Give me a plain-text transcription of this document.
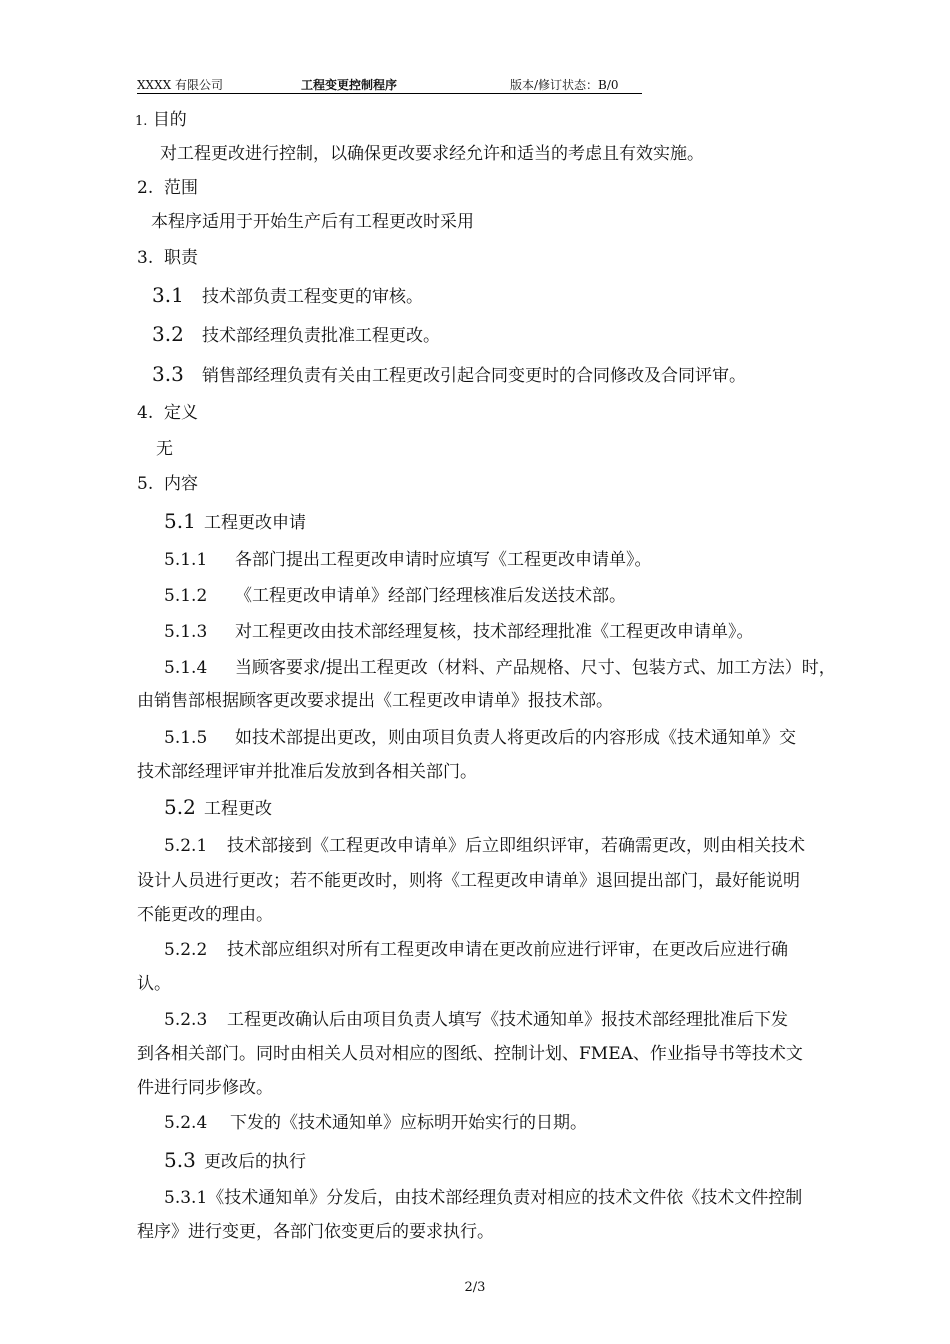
XXXX 有限公司	工程变更控制程序	版本/修订状态：B/0
1. 目的
对工程更改进行控制，以确保更改要求经允许和适当的考虑且有效实施。
2. 范围
本程序适用于开始生产后有工程更改时采用
3. 职责
3.1 技术部负责工程变更的审核。
3.2 技术部经理负责批准工程更改。
3.3 销售部经理负责有关由工程更改引起合同变更时的合同修改及合同评审。
4. 定义
无
5. 内容
5.1 工程更改申请
5.1.1 各部门提出工程更改申请时应填写《工程更改申请单》。
5.1.2 《工程更改申请单》经部门经理核准后发送技术部。
5.1.3 对工程更改由技术部经理复核，技术部经理批准《工程更改申请单》。
5.1.4 当顾客要求/提出工程更改（材料、产品规格、尺寸、包装方式、加工方法）时，
由销售部根据顾客更改要求提出《工程更改申请单》报技术部。
5.1.5 如技术部提出更改，则由项目负责人将更改后的内容形成《技术通知单》交
技术部经理评审并批准后发放到各相关部门。
5.2 工程更改
5.2.1 技术部接到《工程更改申请单》后立即组织评审，若确需更改，则由相关技术
设计人员进行更改；若不能更改时，则将《工程更改申请单》退回提出部门，最好能说明
不能更改的理由。
5.2.2 技术部应组织对所有工程更改申请在更改前应进行评审，在更改后应进行确
认。
5.2.3 工程更改确认后由项目负责人填写《技术通知单》报技术部经理批准后下发
到各相关部门。同时由相关人员对相应的图纸、控制计划、FMEA、作业指导书等技术文
件进行同步修改。
5.2.4 下发的《技术通知单》应标明开始实行的日期。
5.3 更改后的执行
5.3.1《技术通知单》分发后，由技术部经理负责对相应的技术文件依《技术文件控制
程序》进行变更，各部门依变更后的要求执行。
2/3
